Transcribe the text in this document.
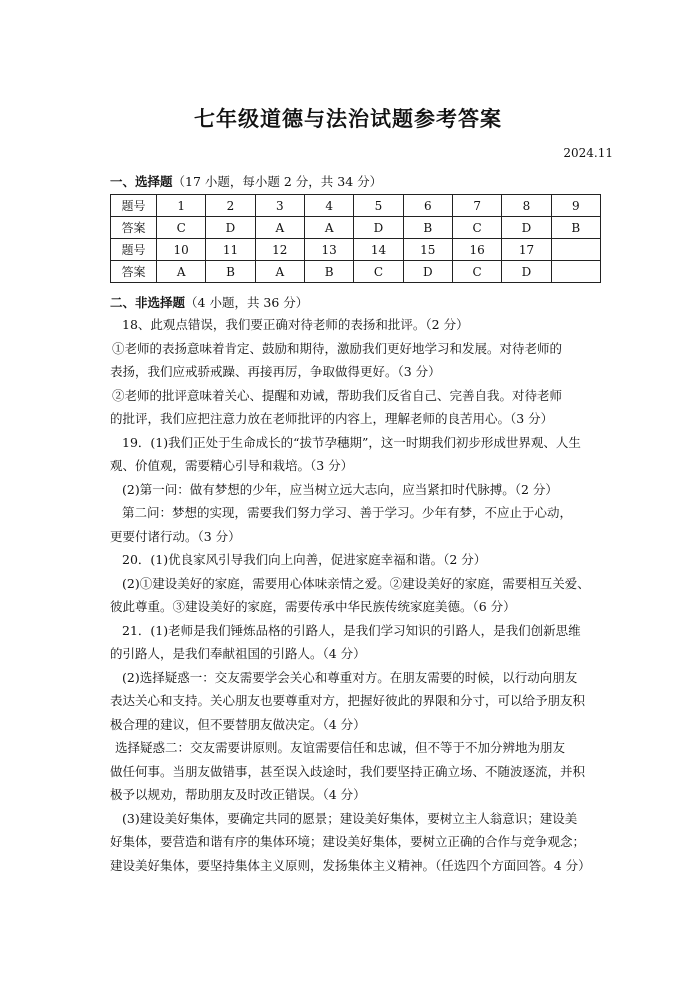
七年级道德与法治试题参考答案
2024.11
一、选择题（17 小题，每小题 2 分，共 34 分）
题号	1	2	3	4	5	6	7	8	9
答案	C	D	A	A	D	B	C	D	B
题号	10	11	12	13	14	15	16	17	
答案	A	B	A	B	C	D	C	D	
二、非选择题（4 小题，共 36 分）
18、此观点错误，我们要正确对待老师的表扬和批评。（2 分）
①老师的表扬意味着肯定、鼓励和期待，激励我们更好地学习和发展。对待老师的
表扬，我们应戒骄戒躁、再接再厉，争取做得更好。（3 分）
②老师的批评意味着关心、提醒和劝诫，帮助我们反省自己、完善自我。对待老师
的批评，我们应把注意力放在老师批评的内容上，理解老师的良苦用心。（3 分）
19．(1)我们正处于生命成长的“拔节孕穗期”，这一时期我们初步形成世界观、人生
观、价值观，需要精心引导和栽培。（3 分）
(2)第一问：做有梦想的少年，应当树立远大志向，应当紧扣时代脉搏。（2 分）
第二问：梦想的实现，需要我们努力学习、善于学习。少年有梦，不应止于心动，
更要付诸行动。（3 分）
20．(1)优良家风引导我们向上向善，促进家庭幸福和谐。（2 分）
(2)①建设美好的家庭，需要用心体味亲情之爱。②建设美好的家庭，需要相互关爱、
彼此尊重。③建设美好的家庭，需要传承中华民族传统家庭美德。（6 分）
21．(1)老师是我们锤炼品格的引路人，是我们学习知识的引路人，是我们创新思维
的引路人，是我们奉献祖国的引路人。（4 分）
(2)选择疑惑一：交友需要学会关心和尊重对方。在朋友需要的时候，以行动向朋友
表达关心和支持。关心朋友也要尊重对方，把握好彼此的界限和分寸，可以给予朋友积
极合理的建议，但不要替朋友做决定。（4 分）
选择疑惑二：交友需要讲原则。友谊需要信任和忠诚，但不等于不加分辨地为朋友
做任何事。当朋友做错事，甚至误入歧途时，我们要坚持正确立场、不随波逐流，并积
极予以规劝，帮助朋友及时改正错误。（4 分）
(3)建设美好集体，要确定共同的愿景；建设美好集体，要树立主人翁意识；建设美
好集体，要营造和谐有序的集体环境；建设美好集体，要树立正确的合作与竞争观念；
建设美好集体，要坚持集体主义原则，发扬集体主义精神。（任选四个方面回答。4 分）
